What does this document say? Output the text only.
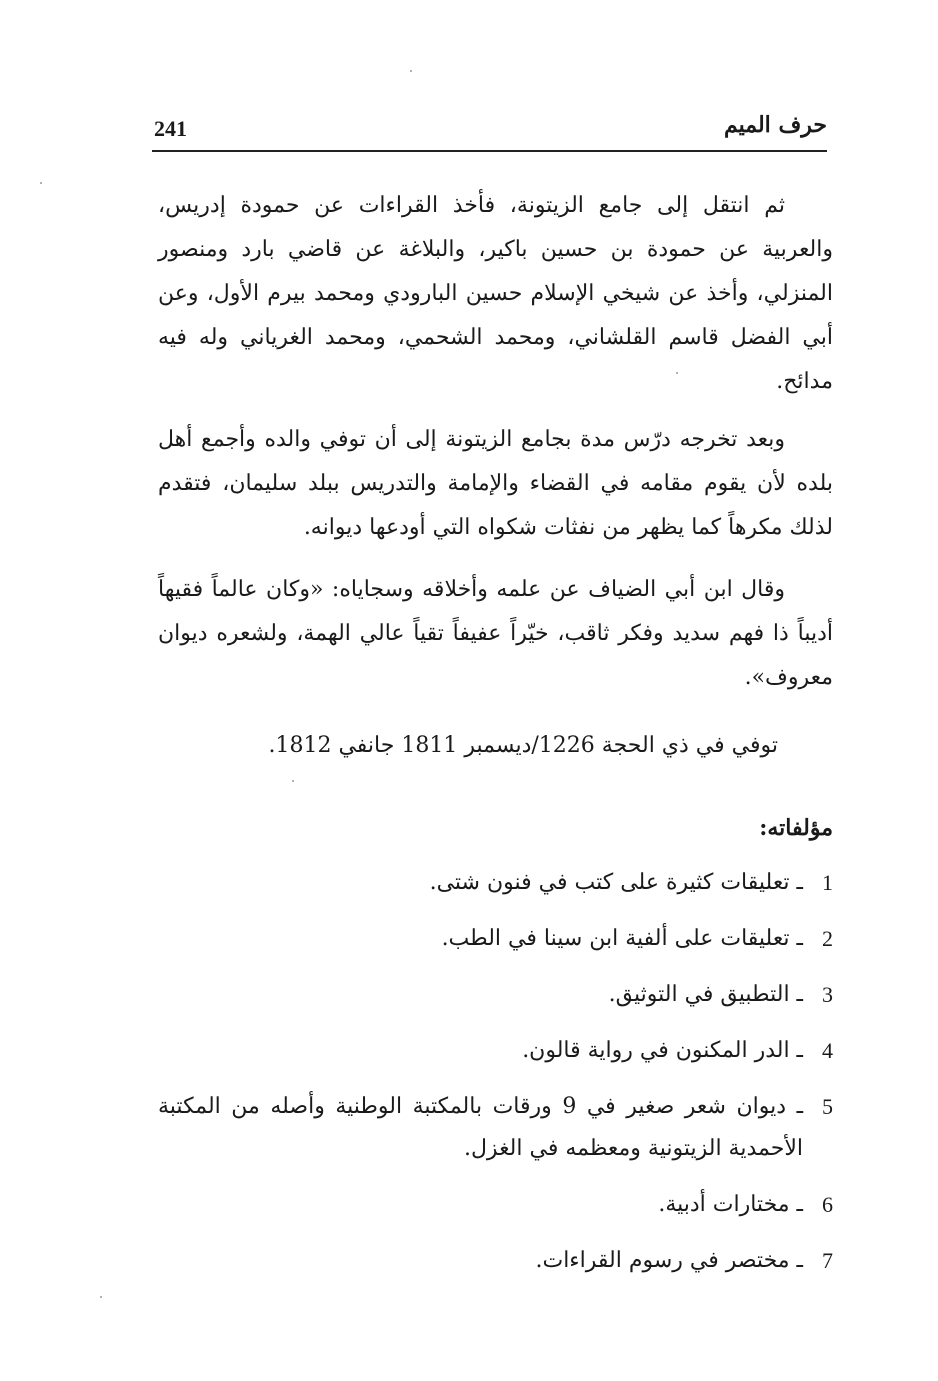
241	حرف الميم

ثم انتقل إلى جامع الزيتونة، فأخذ القراءات عن حمودة إدريس، والعربية عن حمودة بن حسين باكير، والبلاغة عن قاضي بارد ومنصور المنزلي، وأخذ عن شيخي الإسلام حسين البارودي ومحمد بيرم الأول، وعن أبي الفضل قاسم القلشاني، ومحمد الشحمي، ومحمد الغرياني وله فيه مدائح.

وبعد تخرجه درّس مدة بجامع الزيتونة إلى أن توفي والده وأجمع أهل بلده لأن يقوم مقامه في القضاء والإمامة والتدريس ببلد سليمان، فتقدم لذلك مكرهاً كما يظهر من نفثات شكواه التي أودعها ديوانه.

وقال ابن أبي الضياف عن علمه وأخلاقه وسجاياه: «وكان عالماً فقيهاً أديباً ذا فهم سديد وفكر ثاقب، خيّراً عفيفاً تقياً عالي الهمة، ولشعره ديوان معروف».

توفي في ذي الحجة 1226/ديسمبر 1811 جانفي 1812.
مؤلفاته:
1
ـ تعليقات كثيرة على كتب في فنون شتى.
2
ـ تعليقات على ألفية ابن سينا في الطب.
3
ـ التطبيق في التوثيق.
4
ـ الدر المكنون في رواية قالون.
5
ـ ديوان شعر صغير في 9 ورقات بالمكتبة الوطنية وأصله من المكتبة الأحمدية الزيتونية ومعظمه في الغزل.
6
ـ مختارات أدبية.
7
ـ مختصر في رسوم القراءات.
